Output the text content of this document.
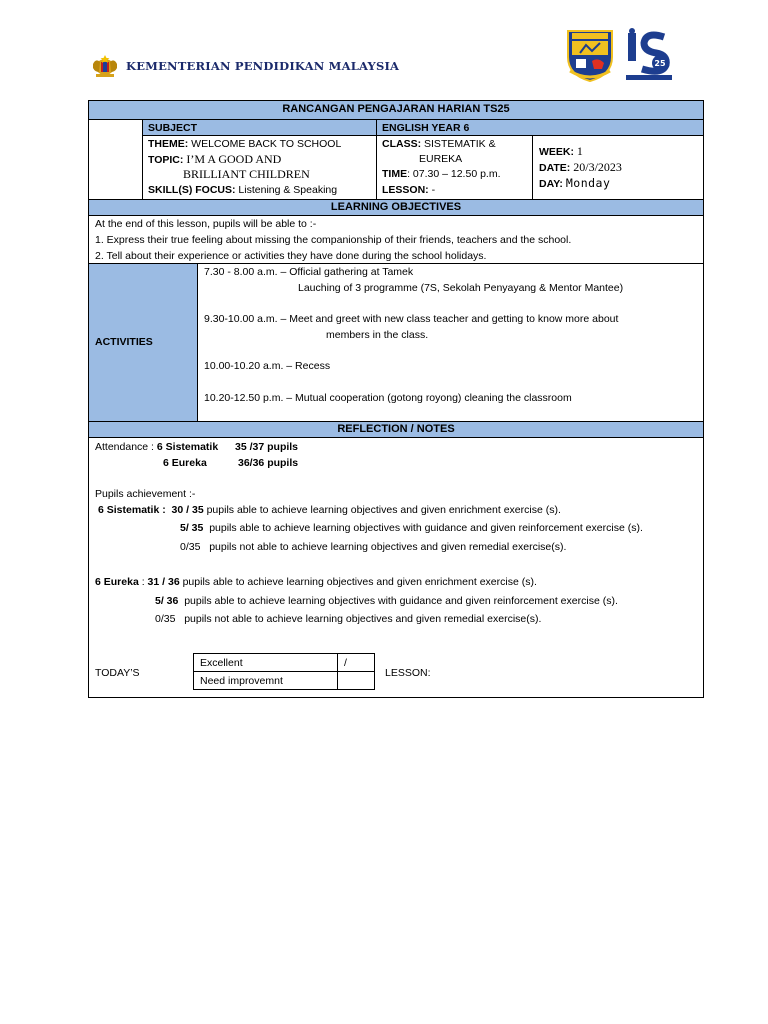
KEMENTERIAN PENDIDIKAN MALAYSIA	25
RANCANGAN PENGAJARAN HARIAN TS25
SUBJECT	ENGLISH YEAR 6
THEME: WELCOME BACK TO SCHOOL
TOPIC: I’M A GOOD AND
BRILLIANT CHILDREN
SKILL(S) FOCUS: Listening & Speaking
CLASS: SISTEMATIK &
EUREKA
TIME: 07.30 – 12.50 p.m.
LESSON: -
WEEK: 1
DATE: 20/3/2023
DAY: Monday
LEARNING OBJECTIVES
At the end of this lesson, pupils will be able to :-
1. Express their true feeling about missing the companionship of their friends, teachers and the school.
2. Tell about their experience or activities they have done during the school holidays.
ACTIVITIES
7.30 - 8.00 a.m. – Official gathering at Tamek
Lauching of 3 programme (7S, Sekolah Penyayang & Mentor Mantee)
9.30-10.00 a.m. – Meet and greet with new class teacher and getting to know more about
members in the class.
10.00-10.20 a.m. – Recess
10.20-12.50 p.m. – Mutual cooperation (gotong royong) cleaning the classroom
REFLECTION / NOTES
Attendance : 6 Sistematik 35 /37 pupils
6 Eureka	36/36 pupils
Pupils achievement :-
6 Sistematik : 30 / 35 pupils able to achieve learning objectives and given enrichment exercise (s).
5/ 35 pupils able to achieve learning objectives with guidance and given reinforcement exercise (s).
0/35 pupils not able to achieve learning objectives and given remedial exercise(s).
6 Eureka : 31 / 36 pupils able to achieve learning objectives and given enrichment exercise (s).
5/ 36 pupils able to achieve learning objectives with guidance and given reinforcement exercise (s).
0/35 pupils not able to achieve learning objectives and given remedial exercise(s).
TODAY’S
Excellent	/
Need improvemnt	
LESSON:
